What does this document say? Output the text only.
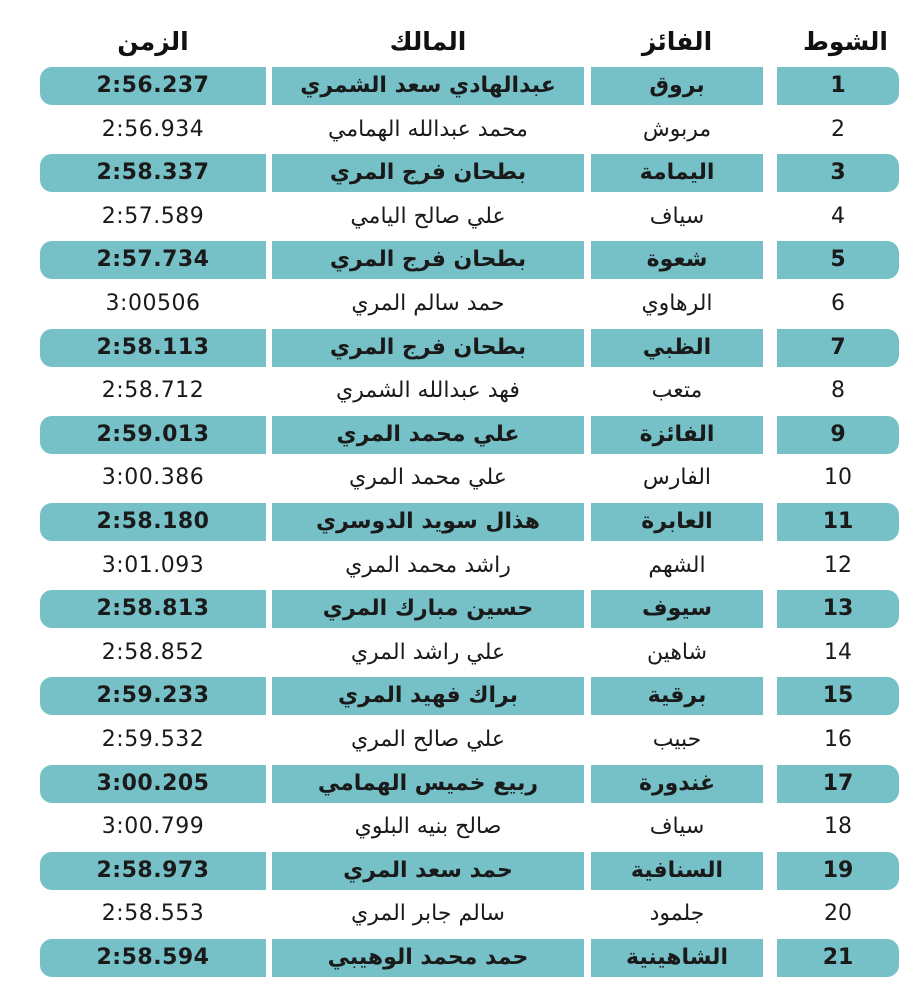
الزمن	المالك	الفائز	الشوط
2:56.237	عبدالهادي سعد الشمري	بروق	1
2:56.934	محمد عبدالله الهمامي	مربوش	2
2:58.337	بطحان فرج المري	اليمامة	3
2:57.589	علي صالح اليامي	سياف	4
2:57.734	بطحان فرج المري	شعوة	5
3:00506	حمد سالم المري	الرهاوي	6
2:58.113	بطحان فرج المري	الظبي	7
2:58.712	فهد عبدالله الشمري	متعب	8
2:59.013	علي محمد المري	الفائزة	9
3:00.386	علي محمد المري	الفارس	10
2:58.180	هذال سويد الدوسري	العابرة	11
3:01.093	راشد محمد المري	الشهم	12
2:58.813	حسين مبارك المري	سيوف	13
2:58.852	علي راشد المري	شاهين	14
2:59.233	براك فهيد المري	برقية	15
2:59.532	علي صالح المري	حبيب	16
3:00.205	ربيع خميس الهمامي	غندورة	17
3:00.799	صالح بنيه البلوي	سياف	18
2:58.973	حمد سعد المري	السنافية	19
2:58.553	سالم جابر المري	جلمود	20
2:58.594	حمد محمد الوهيبي	الشاهينية	21
